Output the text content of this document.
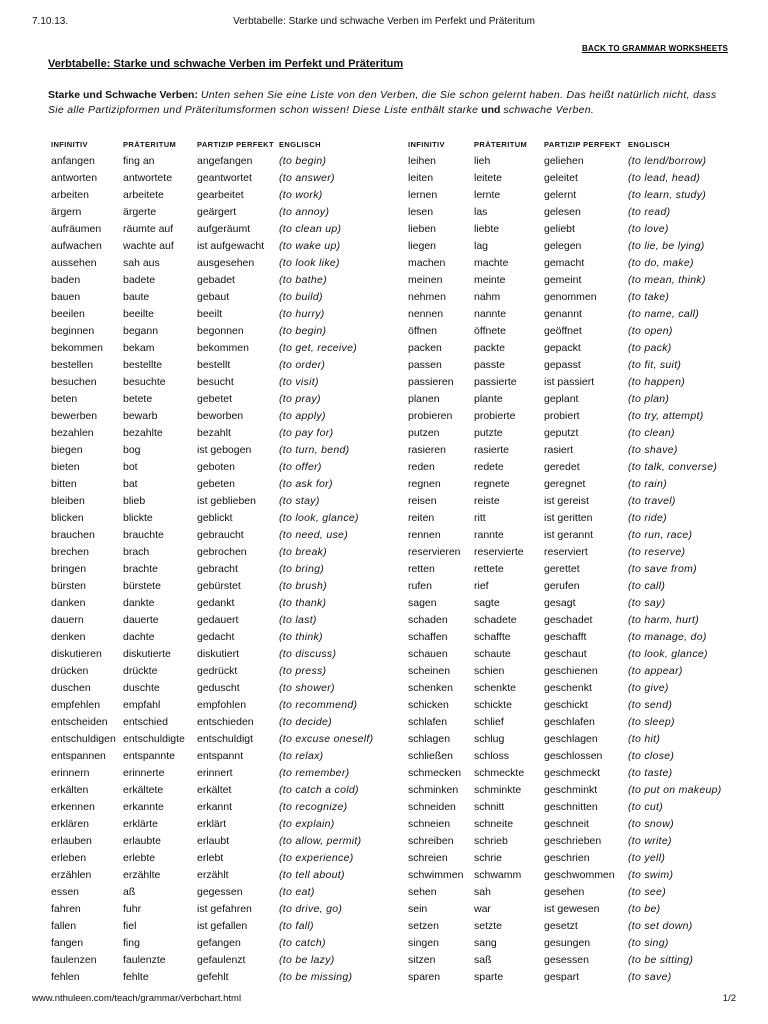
7.10.13.	Verbtabelle: Starke und schwache Verben im Perfekt und Präteritum
BACK TO GRAMMAR WORKSHEETS
Verbtabelle: Starke und schwache Verben im Perfekt und Präteritum

Starke und Schwache Verben: Unten sehen Sie eine Liste von den Verben, die Sie schon gelernt haben. Das heißt natürlich nicht, dass Sie alle Partizipformen und Präteritumsformen schon wissen! Diese Liste enthält starke und schwache Verben.

INFINITIV	PRÄTERITUM	PARTIZIP PERFEKT	ENGLISCH
anfangen	fing an	angefangen	(to begin)
antworten	antwortete	geantwortet	(to answer)
arbeiten	arbeitete	gearbeitet	(to work)
ärgern	ärgerte	geärgert	(to annoy)
aufräumen	räumte auf	aufgeräumt	(to clean up)
aufwachen	wachte auf	ist aufgewacht	(to wake up)
aussehen	sah aus	ausgesehen	(to look like)
baden	badete	gebadet	(to bathe)
bauen	baute	gebaut	(to build)
beeilen	beeilte	beeilt	(to hurry)
beginnen	begann	begonnen	(to begin)
bekommen	bekam	bekommen	(to get, receive)
bestellen	bestellte	bestellt	(to order)
besuchen	besuchte	besucht	(to visit)
beten	betete	gebetet	(to pray)
bewerben	bewarb	beworben	(to apply)
bezahlen	bezahlte	bezahlt	(to pay for)
biegen	bog	ist gebogen	(to turn, bend)
bieten	bot	geboten	(to offer)
bitten	bat	gebeten	(to ask for)
bleiben	blieb	ist geblieben	(to stay)
blicken	blickte	geblickt	(to look, glance)
brauchen	brauchte	gebraucht	(to need, use)
brechen	brach	gebrochen	(to break)
bringen	brachte	gebracht	(to bring)
bürsten	bürstete	gebürstet	(to brush)
danken	dankte	gedankt	(to thank)
dauern	dauerte	gedauert	(to last)
denken	dachte	gedacht	(to think)
diskutieren	diskutierte	diskutiert	(to discuss)
drücken	drückte	gedrückt	(to press)
duschen	duschte	geduscht	(to shower)
empfehlen	empfahl	empfohlen	(to recommend)
entscheiden	entschied	entschieden	(to decide)
entschuldigen	entschuldigte	entschuldigt	(to excuse oneself)
entspannen	entspannte	entspannt	(to relax)
erinnern	erinnerte	erinnert	(to remember)
erkälten	erkältete	erkältet	(to catch a cold)
erkennen	erkannte	erkannt	(to recognize)
erklären	erklärte	erklärt	(to explain)
erlauben	erlaubte	erlaubt	(to allow, permit)
erleben	erlebte	erlebt	(to experience)
erzählen	erzählte	erzählt	(to tell about)
essen	aß	gegessen	(to eat)
fahren	fuhr	ist gefahren	(to drive, go)
fallen	fiel	ist gefallen	(to fall)
fangen	fing	gefangen	(to catch)
faulenzen	faulenzte	gefaulenzt	(to be lazy)
fehlen	fehlte	gefehlt	(to be missing)
INFINITIV	PRÄTERITUM	PARTIZIP PERFEKT	ENGLISCH
leihen	lieh	geliehen	(to lend/borrow)
leiten	leitete	geleitet	(to lead, head)
lernen	lernte	gelernt	(to learn, study)
lesen	las	gelesen	(to read)
lieben	liebte	geliebt	(to love)
liegen	lag	gelegen	(to lie, be lying)
machen	machte	gemacht	(to do, make)
meinen	meinte	gemeint	(to mean, think)
nehmen	nahm	genommen	(to take)
nennen	nannte	genannt	(to name, call)
öffnen	öffnete	geöffnet	(to open)
packen	packte	gepackt	(to pack)
passen	passte	gepasst	(to fit, suit)
passieren	passierte	ist passiert	(to happen)
planen	plante	geplant	(to plan)
probieren	probierte	probiert	(to try, attempt)
putzen	putzte	geputzt	(to clean)
rasieren	rasierte	rasiert	(to shave)
reden	redete	geredet	(to talk, converse)
regnen	regnete	geregnet	(to rain)
reisen	reiste	ist gereist	(to travel)
reiten	ritt	ist geritten	(to ride)
rennen	rannte	ist gerannt	(to run, race)
reservieren	reservierte	reserviert	(to reserve)
retten	rettete	gerettet	(to save from)
rufen	rief	gerufen	(to call)
sagen	sagte	gesagt	(to say)
schaden	schadete	geschadet	(to harm, hurt)
schaffen	schaffte	geschafft	(to manage, do)
schauen	schaute	geschaut	(to look, glance)
scheinen	schien	geschienen	(to appear)
schenken	schenkte	geschenkt	(to give)
schicken	schickte	geschickt	(to send)
schlafen	schlief	geschlafen	(to sleep)
schlagen	schlug	geschlagen	(to hit)
schließen	schloss	geschlossen	(to close)
schmecken	schmeckte	geschmeckt	(to taste)
schminken	schminkte	geschminkt	(to put on makeup)
schneiden	schnitt	geschnitten	(to cut)
schneien	schneite	geschneit	(to snow)
schreiben	schrieb	geschrieben	(to write)
schreien	schrie	geschrien	(to yell)
schwimmen	schwamm	geschwommen	(to swim)
sehen	sah	gesehen	(to see)
sein	war	ist gewesen	(to be)
setzen	setzte	gesetzt	(to set down)
singen	sang	gesungen	(to sing)
sitzen	saß	gesessen	(to be sitting)
sparen	sparte	gespart	(to save)
www.nthuleen.com/teach/grammar/verbchart.html	1/2
